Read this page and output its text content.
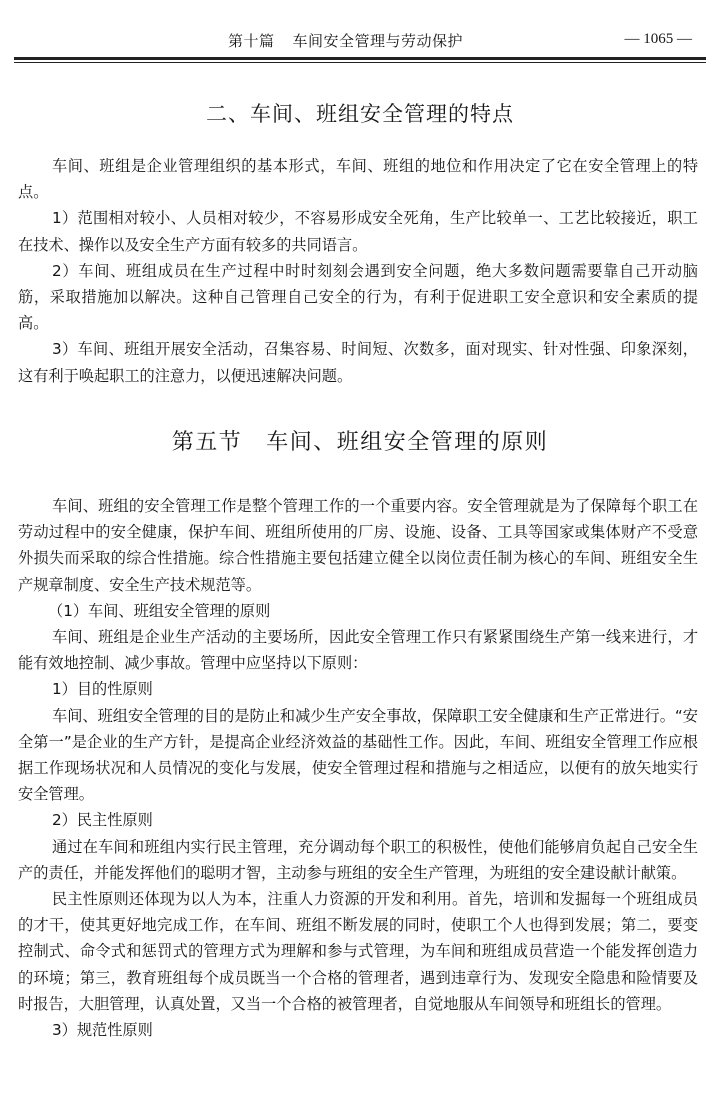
第十篇 车间安全管理与劳动保护	— 1065 —
二、车间、班组安全管理的特点

车间、班组是企业管理组织的基本形式，车间、班组的地位和作用决定了它在安全管理上的特点。

1）范围相对较小、人员相对较少，不容易形成安全死角，生产比较单一、工艺比较接近，职工在技术、操作以及安全生产方面有较多的共同语言。

2）车间、班组成员在生产过程中时时刻刻会遇到安全问题，绝大多数问题需要靠自己开动脑筋，采取措施加以解决。这种自己管理自己安全的行为，有利于促进职工安全意识和安全素质的提高。

3）车间、班组开展安全活动，召集容易、时间短、次数多，面对现实、针对性强、印象深刻，这有利于唤起职工的注意力，以便迅速解决问题。

第五节 车间、班组安全管理的原则

车间、班组的安全管理工作是整个管理工作的一个重要内容。安全管理就是为了保障每个职工在劳动过程中的安全健康，保护车间、班组所使用的厂房、设施、设备、工具等国家或集体财产不受意外损失而采取的综合性措施。综合性措施主要包括建立健全以岗位责任制为核心的车间、班组安全生产规章制度、安全生产技术规范等。

（1）车间、班组安全管理的原则

车间、班组是企业生产活动的主要场所，因此安全管理工作只有紧紧围绕生产第一线来进行，才能有效地控制、减少事故。管理中应坚持以下原则：

1）目的性原则

车间、班组安全管理的目的是防止和减少生产安全事故，保障职工安全健康和生产正常进行。“安全第一”是企业的生产方针，是提高企业经济效益的基础性工作。因此，车间、班组安全管理工作应根据工作现场状况和人员情况的变化与发展，使安全管理过程和措施与之相适应，以便有的放矢地实行安全管理。

2）民主性原则

通过在车间和班组内实行民主管理，充分调动每个职工的积极性，使他们能够肩负起自己安全生产的责任，并能发挥他们的聪明才智，主动参与班组的安全生产管理，为班组的安全建设献计献策。

民主性原则还体现为以人为本，注重人力资源的开发和利用。首先，培训和发掘每一个班组成员的才干，使其更好地完成工作，在车间、班组不断发展的同时，使职工个人也得到发展；第二，要变控制式、命令式和惩罚式的管理方式为理解和参与式管理，为车间和班组成员营造一个能发挥创造力的环境；第三，教育班组每个成员既当一个合格的管理者，遇到违章行为、发现安全隐患和险情要及时报告，大胆管理，认真处置，又当一个合格的被管理者，自觉地服从车间领导和班组长的管理。

3）规范性原则
